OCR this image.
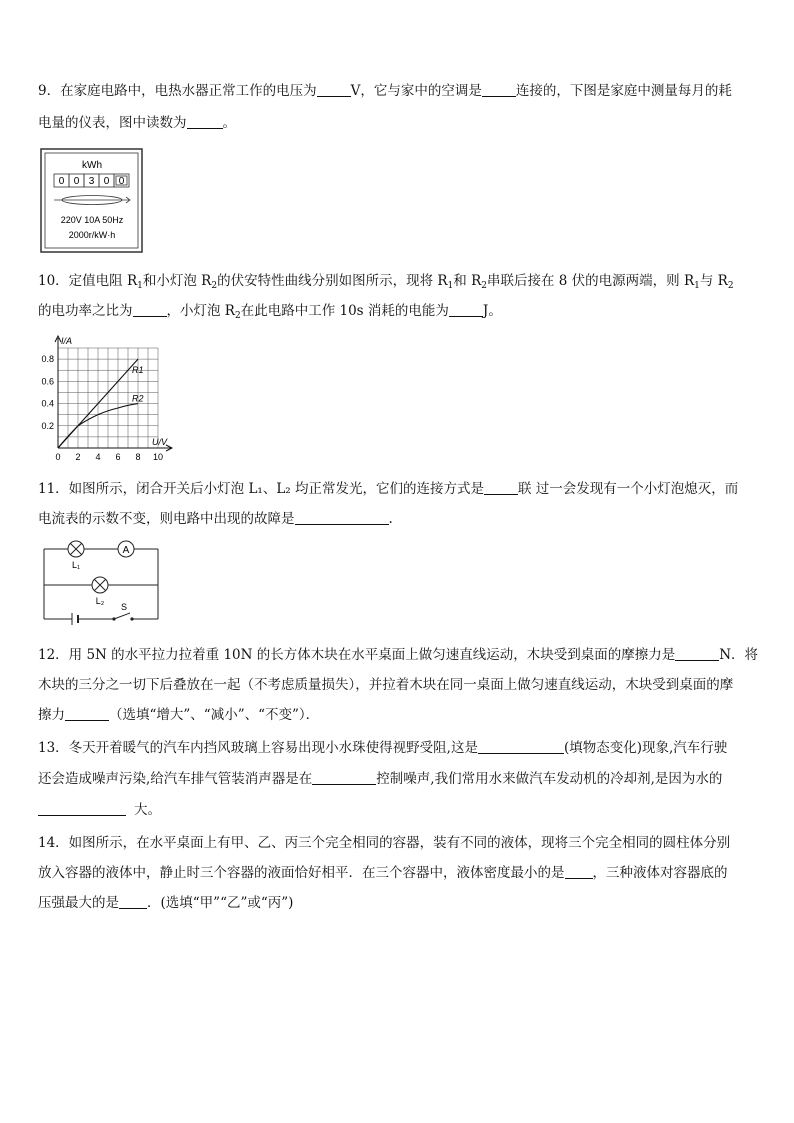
9．在家庭电路中，电热水器正常工作的电压为	V，它与家中的空调是	连接的，下图是家庭中测量每月的耗
电量的仪表，图中读数为	。
kWh
0 0 3 0 0
220V 10A 50Hz
2000r/kW·h
10．定值电阻 $R_1$和小灯泡 $R_2$的伏安特性曲线分别如图所示，现将 $R_1$和 $R_2$串联后接在 8 伏的电源两端，则 $R_1$与 $R_2$
的电功率之比为	，小灯泡 $R_2$在此电路中工作 10s 消耗的电能为	J。
0 2 4 6 8 10
0.2
0.4
0.6
0.8
U/V
I/A
R1
R2
11．如图所示，闭合开关后小灯泡 L₁、L₂ 均正常发光，它们的连接方式是	联 过一会发现有一个小灯泡熄灭，而
电流表的示数不变，则电路中出现的故障是	.
A
L₁
L₂
S
12．用 5N 的水平拉力拉着重 10N 的长方体木块在水平桌面上做匀速直线运动，木块受到桌面的摩擦力是	N．将
木块的三分之一切下后叠放在一起（不考虑质量损失），并拉着木块在同一桌面上做匀速直线运动，木块受到桌面的摩
擦力	（选填“增大”、“减小”、“不变”）．
13．冬天开着暖气的汽车内挡风玻璃上容易出现小水珠使得视野受阻,这是	(填物态变化)现象,汽车行驶
还会造成噪声污染,给汽车排气管装消声器是在	控制噪声,我们常用水来做汽车发动机的冷却剂,是因为水的
大。
14．如图所示，在水平桌面上有甲、乙、丙三个完全相同的容器，装有不同的液体，现将三个完全相同的圆柱体分别
放入容器的液体中，静止时三个容器的液面恰好相平．在三个容器中，液体密度最小的是 ，三种液体对容器底的
压强最大的是 ．(选填“甲”“乙”或“丙”)
